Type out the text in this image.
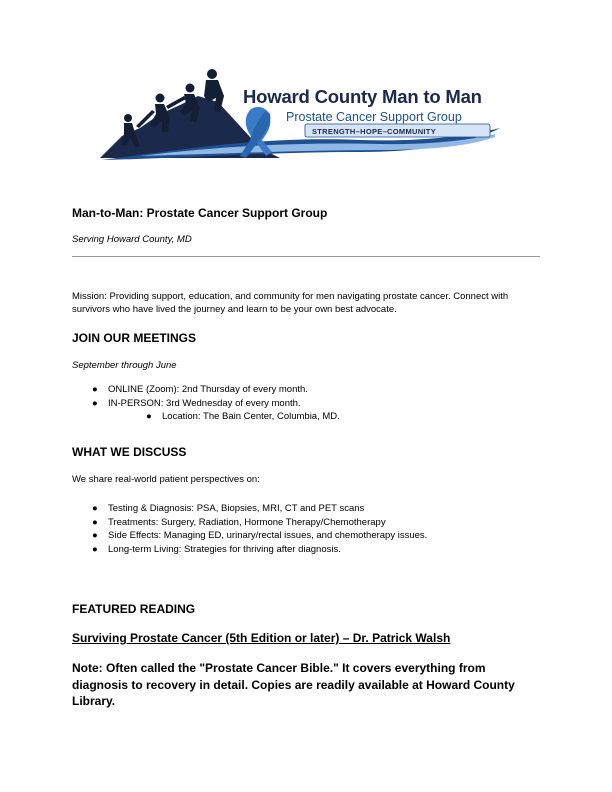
Howard County Man to Man
Prostate Cancer Support Group
STRENGTH–HOPE–COMMUNITY
Man-to-Man: Prostate Cancer Support Group
Serving Howard County, MD

Mission: Providing support, education, and community for men navigating prostate cancer. Connect with survivors who have lived the journey and learn to be your own best advocate.

JOIN OUR MEETINGS
September through June
● ONLINE (Zoom): 2nd Thursday of every month.
● IN-PERSON: 3rd Wednesday of every month.
● Location: The Bain Center, Columbia, MD.
WHAT WE DISCUSS
We share real-world patient perspectives on:
● Testing & Diagnosis: PSA, Biopsies, MRI, CT and PET scans
● Treatments: Surgery, Radiation, Hormone Therapy/Chemotherapy
● Side Effects: Managing ED, urinary/rectal issues, and chemotherapy issues.
● Long-term Living: Strategies for thriving after diagnosis.
FEATURED READING
Surviving Prostate Cancer (5th Edition or later) – Dr. Patrick Walsh

Note: Often called the "Prostate Cancer Bible." It covers everything from diagnosis to recovery in detail. Copies are readily available at Howard County Library.
